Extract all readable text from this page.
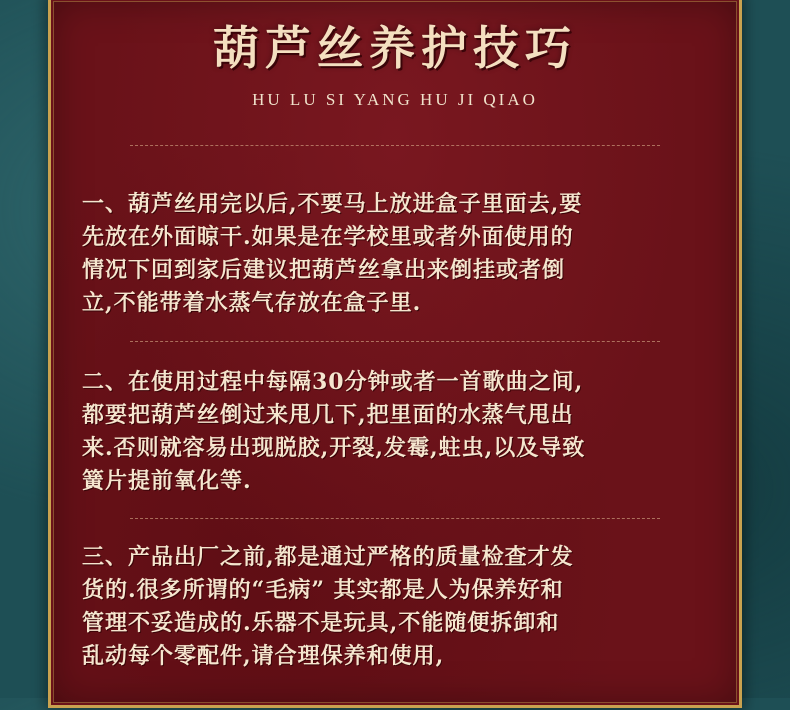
葫芦丝养护技巧
HU LU SI YANG HU JI QIAO
一、葫芦丝用完以后,不要马上放进盒子里面去,要
先放在外面晾干.如果是在学校里或者外面使用的
情况下回到家后建议把葫芦丝拿出来倒挂或者倒
立,不能带着水蒸气存放在盒子里.
二、在使用过程中每隔30分钟或者一首歌曲之间,
都要把葫芦丝倒过来甩几下,把里面的水蒸气甩出
来.否则就容易出现脱胶,开裂,发霉,蛀虫,以及导致
簧片提前氧化等.
三、产品出厂之前,都是通过严格的质量检查才发
货的.很多所谓的“毛病” 其实都是人为保养好和
管理不妥造成的.乐器不是玩具,不能随便拆卸和
乱动每个零配件,请合理保养和使用,
